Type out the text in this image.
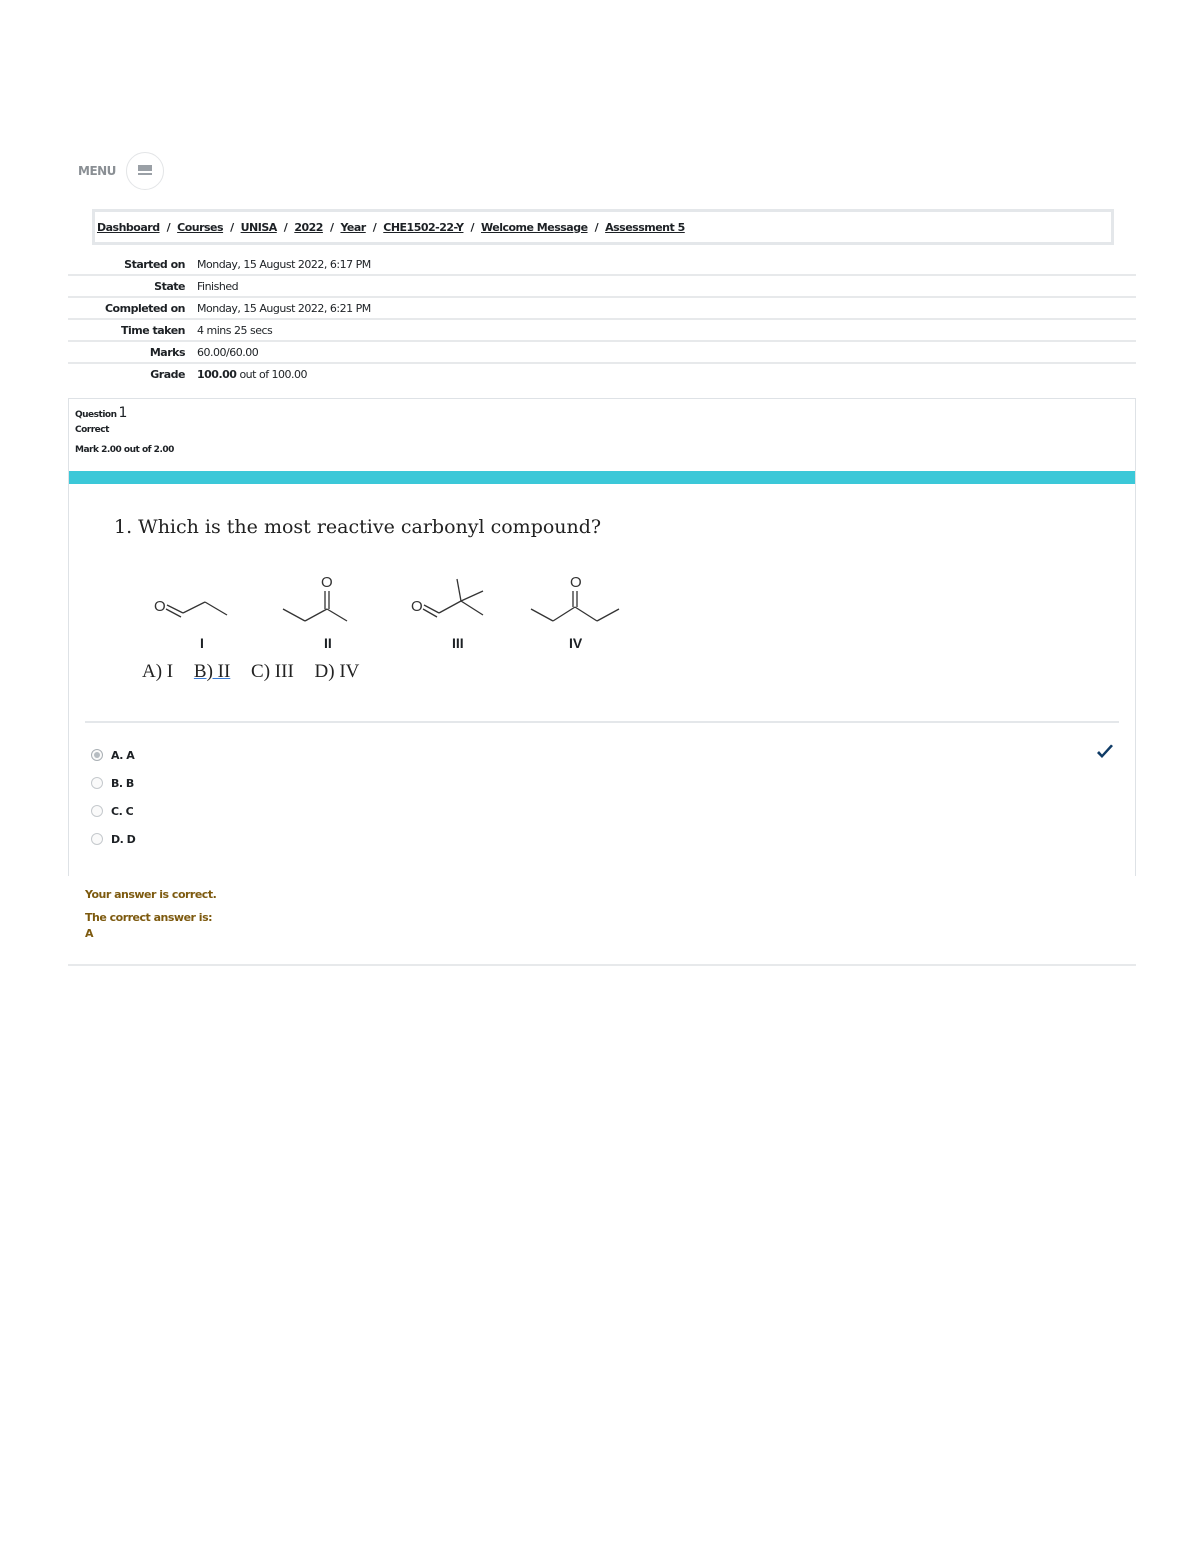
MENU
Dashboard / Courses / UNISA / 2022 / Year / CHE1502-22-Y / Welcome Message / Assessment 5
Started on Monday, 15 August 2022, 6:17 PM
State Finished
Completed on Monday, 15 August 2022, 6:21 PM
Time taken 4 mins 25 secs
Marks 60.00/60.00
Grade 100.00 out of 100.00
Question 1
Correct
Mark 2.00 out of 2.00
1. Which is the most reactive carbonyl compound?
O
O
O
O
I	II	III	IV
A) I B) II C) III D) IV
A. A
B. B
C. C
D. D
Your answer is correct.
The correct answer is:
A
